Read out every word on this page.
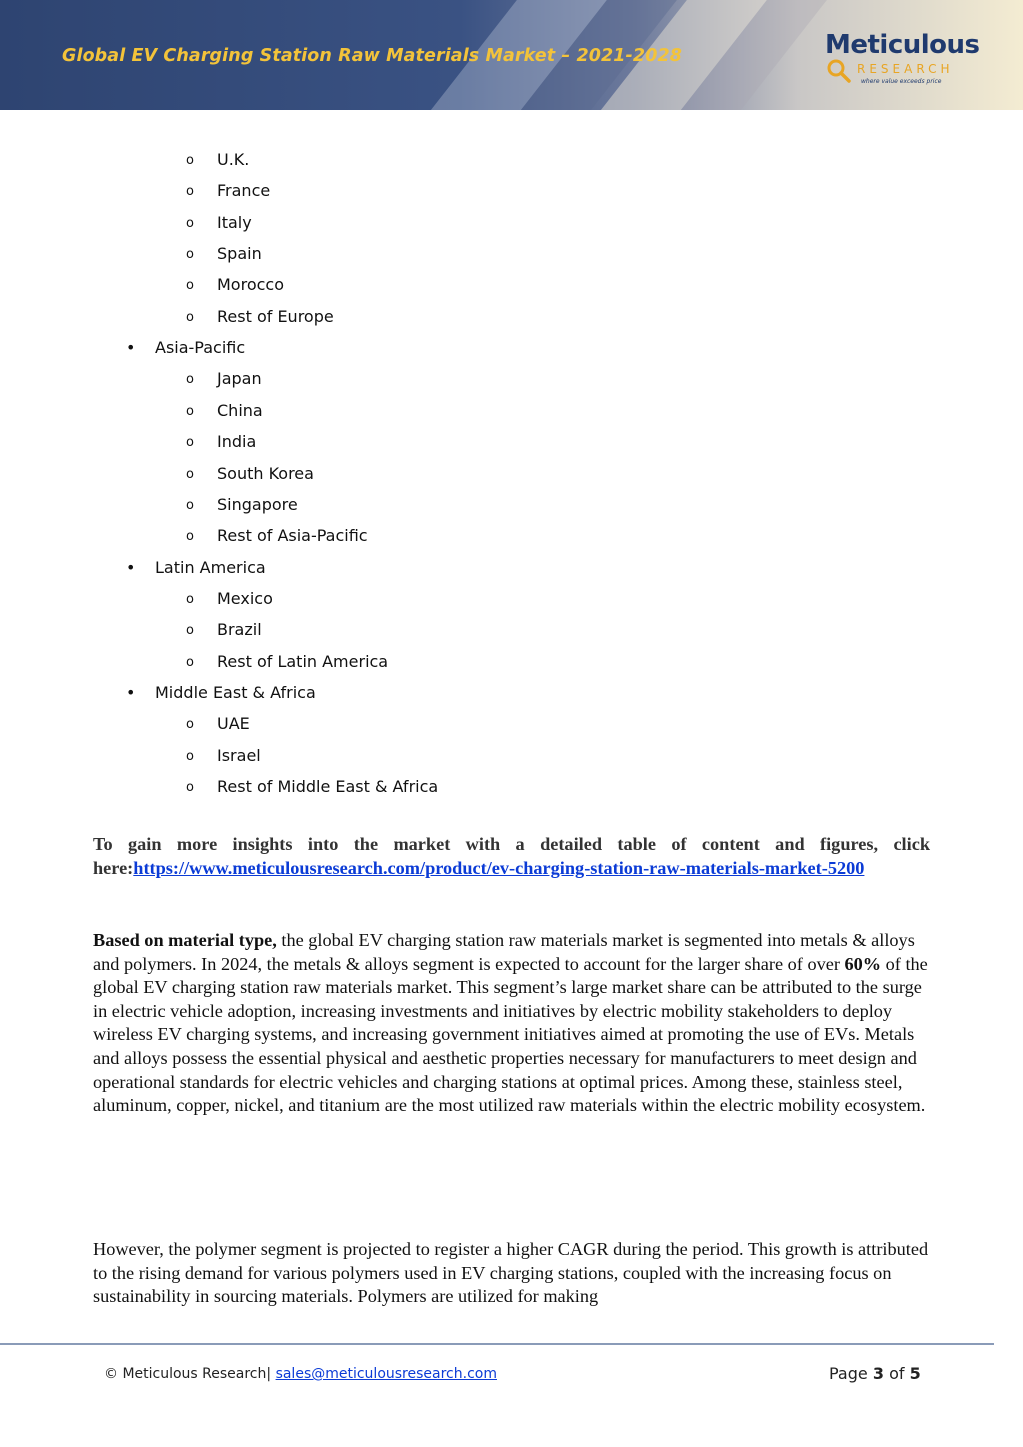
Global EV Charging Station Raw Materials Market – 2021-2028	Meticulous
RESEARCH
where value exceeds price
o U.K.
o France
o Italy
o Spain
o Morocco
o Rest of Europe
• Asia-Pacific
o Japan
o China
o India
o South Korea
o Singapore
o Rest of Asia-Pacific
• Latin America
o Mexico
o Brazil
o Rest of Latin America
• Middle East & Africa
o UAE
o Israel
o Rest of Middle East & Africa
To gain more insights into the market with a detailed table of content and figures, click here:https://www.meticulousresearch.com/product/ev-charging-station-raw-materials-market-5200
Based on material type, the global EV charging station raw materials market is segmented into metals & alloys and polymers. In 2024, the metals & alloys segment is expected to account for the larger share of over 60% of the global EV charging station raw materials market. This segment’s large market share can be attributed to the surge in electric vehicle adoption, increasing investments and initiatives by electric mobility stakeholders to deploy wireless EV charging systems, and increasing government initiatives aimed at promoting the use of EVs. Metals and alloys possess the essential physical and aesthetic properties necessary for manufacturers to meet design and operational standards for electric vehicles and charging stations at optimal prices. Among these, stainless steel, aluminum, copper, nickel, and titanium are the most utilized raw materials within the electric mobility ecosystem.
However, the polymer segment is projected to register a higher CAGR during the period. This growth is attributed to the rising demand for various polymers used in EV charging stations, coupled with the increasing focus on sustainability in sourcing materials. Polymers are utilized for making
© Meticulous Research| sales@meticulousresearch.com	Page 3 of 5
